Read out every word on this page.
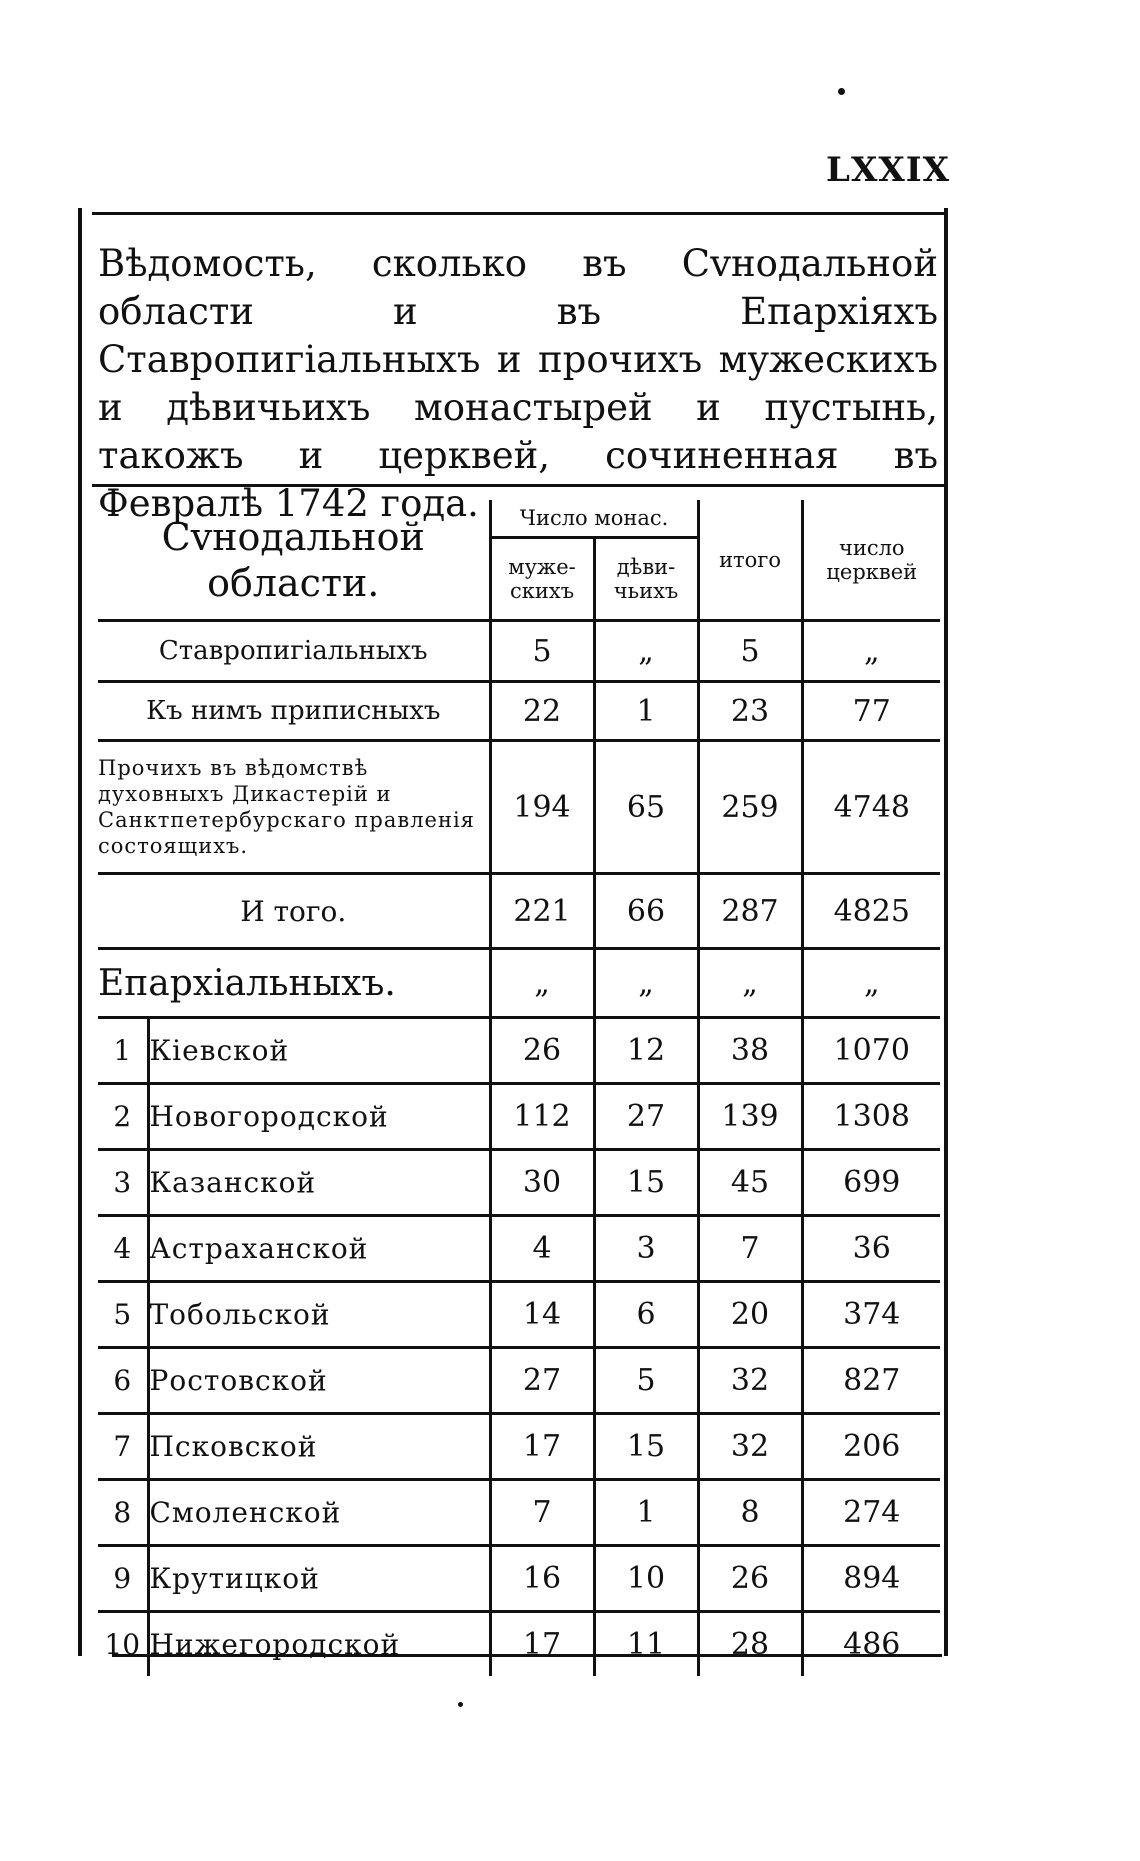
LXXIX
Вѣдомость, сколько въ Сvнодальной области и въ Епархіяхъ Ставропигіальныхъ и прочихъ мужескихъ и дѣвичьихъ монастырей и пустынь, такожъ и церквей, сочиненная въ Февралѣ 1742 года.
Сvнодальной области.		Число монас.		итого	число церквей
		муже-скихъ	дѣви-чьихъ		
Ставропигіальныхъ		5	„	5	„
Къ нимъ приписныхъ		22	1	23	77
Прочихъ въ вѣдомствѣ духовныхъ Дикастерій и Санктпетербурскаго правленія состоящихъ.		194	65	259	4748
И того.		221	66	287	4825
Епархіальныхъ.		„	„	„	„
1	Кіевской	26	12	38	1070
2	Новогородской	112	27	139	1308
3	Казанской	30	15	45	699
4	Астраханской	4	3	7	36
5	Тобольской	14	6	20	374
6	Ростовской	27	5	32	827
7	Псковской	17	15	32	206
8	Смоленской	7	1	8	274
9	Крутицкой	16	10	26	894
10	Нижегородской	17	11	28	486
